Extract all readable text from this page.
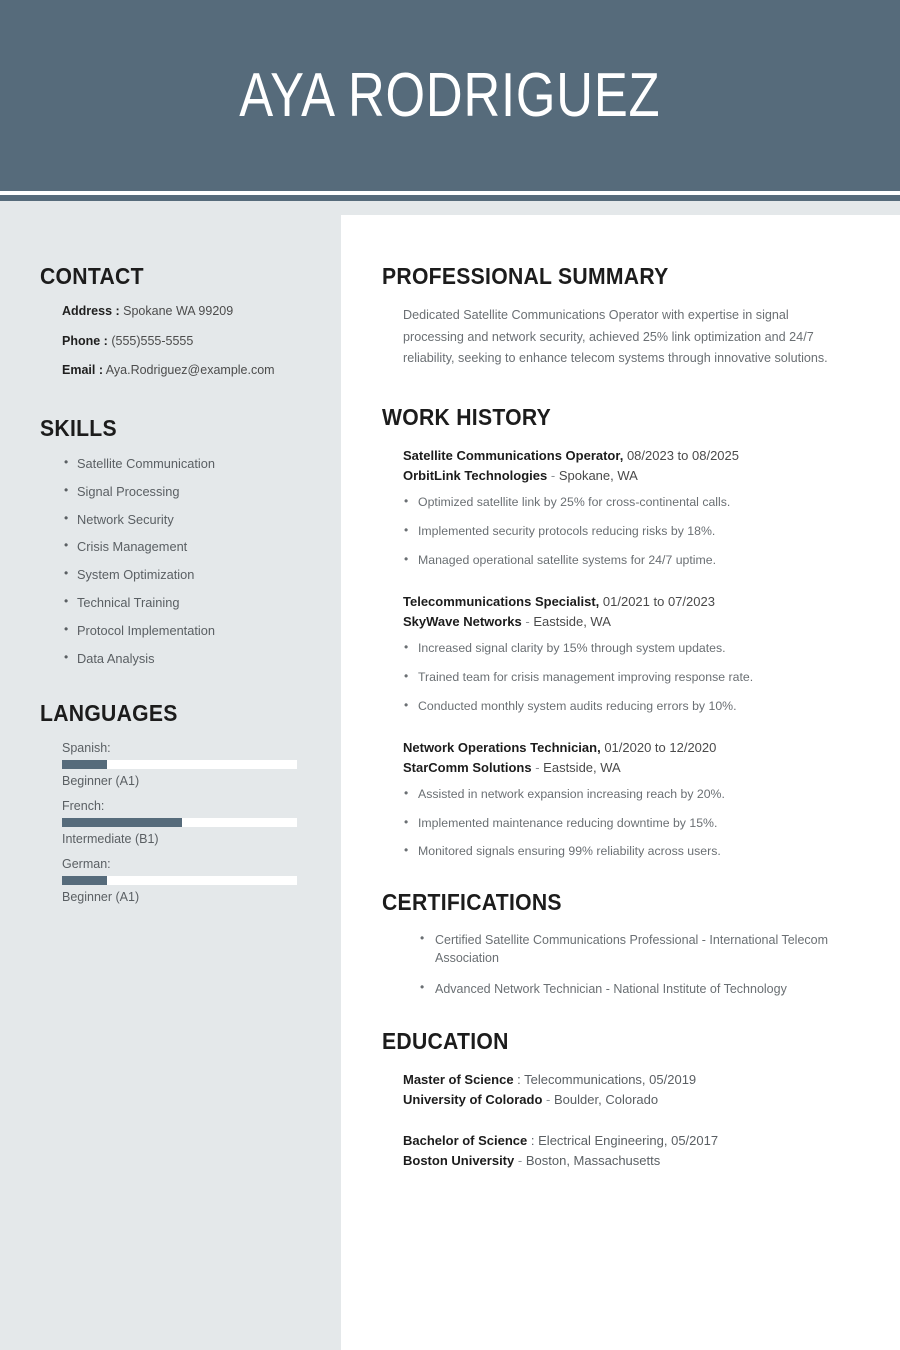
AYA RODRIGUEZ
CONTACT
Address : Spokane WA 99209
Phone : (555)555-5555
Email : Aya.Rodriguez@example.com
SKILLS
• Satellite Communication
• Signal Processing
• Network Security
• Crisis Management
• System Optimization
• Technical Training
• Protocol Implementation
• Data Analysis
LANGUAGES
Spanish:
Beginner (A1)
French:
Intermediate (B1)
German:
Beginner (A1)
PROFESSIONAL SUMMARY

Dedicated Satellite Communications Operator with expertise in signal processing and network security, achieved 25% link optimization and 24/7 reliability, seeking to enhance telecom systems through innovative solutions.

WORK HISTORY
Satellite Communications Operator, 08/2023 to 08/2025
OrbitLink Technologies - Spokane, WA
• Optimized satellite link by 25% for cross-continental calls.
• Implemented security protocols reducing risks by 18%.
• Managed operational satellite systems for 24/7 uptime.
Telecommunications Specialist, 01/2021 to 07/2023
SkyWave Networks - Eastside, WA
• Increased signal clarity by 15% through system updates.
• Trained team for crisis management improving response rate.
• Conducted monthly system audits reducing errors by 10%.
Network Operations Technician, 01/2020 to 12/2020
StarComm Solutions - Eastside, WA
• Assisted in network expansion increasing reach by 20%.
• Implemented maintenance reducing downtime by 15%.
• Monitored signals ensuring 99% reliability across users.
CERTIFICATIONS
• Certified Satellite Communications Professional - International Telecom Association
• Advanced Network Technician - National Institute of Technology
EDUCATION
Master of Science : Telecommunications, 05/2019
University of Colorado - Boulder, Colorado
Bachelor of Science : Electrical Engineering, 05/2017
Boston University - Boston, Massachusetts
